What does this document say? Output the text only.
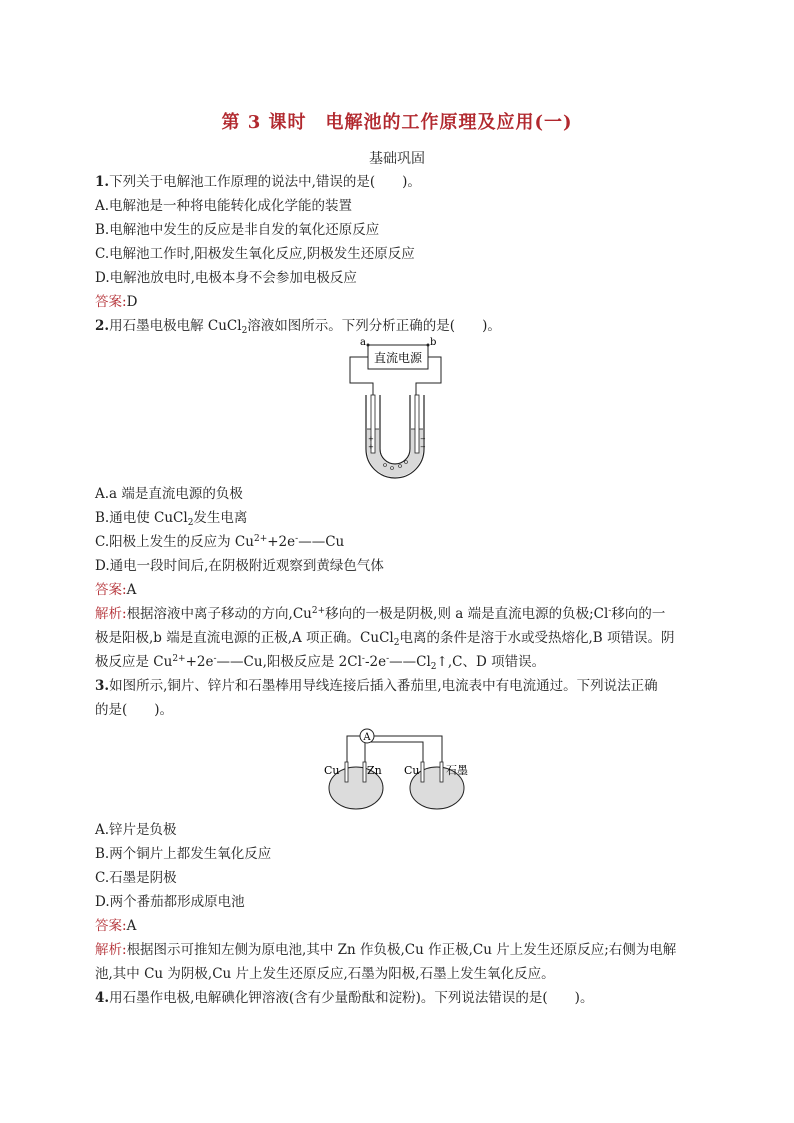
第 3 课时　电解池的工作原理及应用(一)
基础巩固
1.下列关于电解池工作原理的说法中,错误的是(　　)。
A.电解池是一种将电能转化成化学能的装置
B.电解池中发生的反应是非自发的氧化还原反应
C.电解池工作时,阳极发生氧化反应,阴极发生还原反应
D.电解池放电时,电极本身不会参加电极反应
答案:D
2.用石墨电极电解 CuCl$_2$溶液如图所示。下列分析正确的是(　　)。
直流电源
a	b
+
+
−
−
A.a 端是直流电源的负极
B.通电使 CuCl$_2$发生电离
C.阳极上发生的反应为 $Cu^{2+}+2e^-——Cu$
D.通电一段时间后,在阴极附近观察到黄绿色气体
答案:A
解析:根据溶液中离子移动的方向$,Cu^{2+}$移向的一极是阴极,则 a 端是直流电源的负极;Cl-移向的一
极是阳极,b 端是直流电源的正极,A 项正确。CuCl$_2$电离的条件是溶于水或受热熔化,B 项错误。阴
极反应是 $Cu^{2+}+2e^-——Cu$,阳极反应是 $2Cl^--2e^-——Cl_2↑,C$、D 项错误。
3.如图所示,铜片、锌片和石墨棒用导线连接后插入番茄里,电流表中有电流通过。下列说法正确
的是(　　)。
A
Cu Zn Cu 石墨
A.锌片是负极
B.两个铜片上都发生氧化反应
C.石墨是阴极
D.两个番茄都形成原电池
答案:A
解析:根据图示可推知左侧为原电池,其中 Zn 作负极,Cu 作正极,Cu 片上发生还原反应;右侧为电解
池,其中 Cu 为阴极,Cu 片上发生还原反应,石墨为阳极,石墨上发生氧化反应。
4.用石墨作电极,电解碘化钾溶液(含有少量酚酞和淀粉)。下列说法错误的是(　　)。
